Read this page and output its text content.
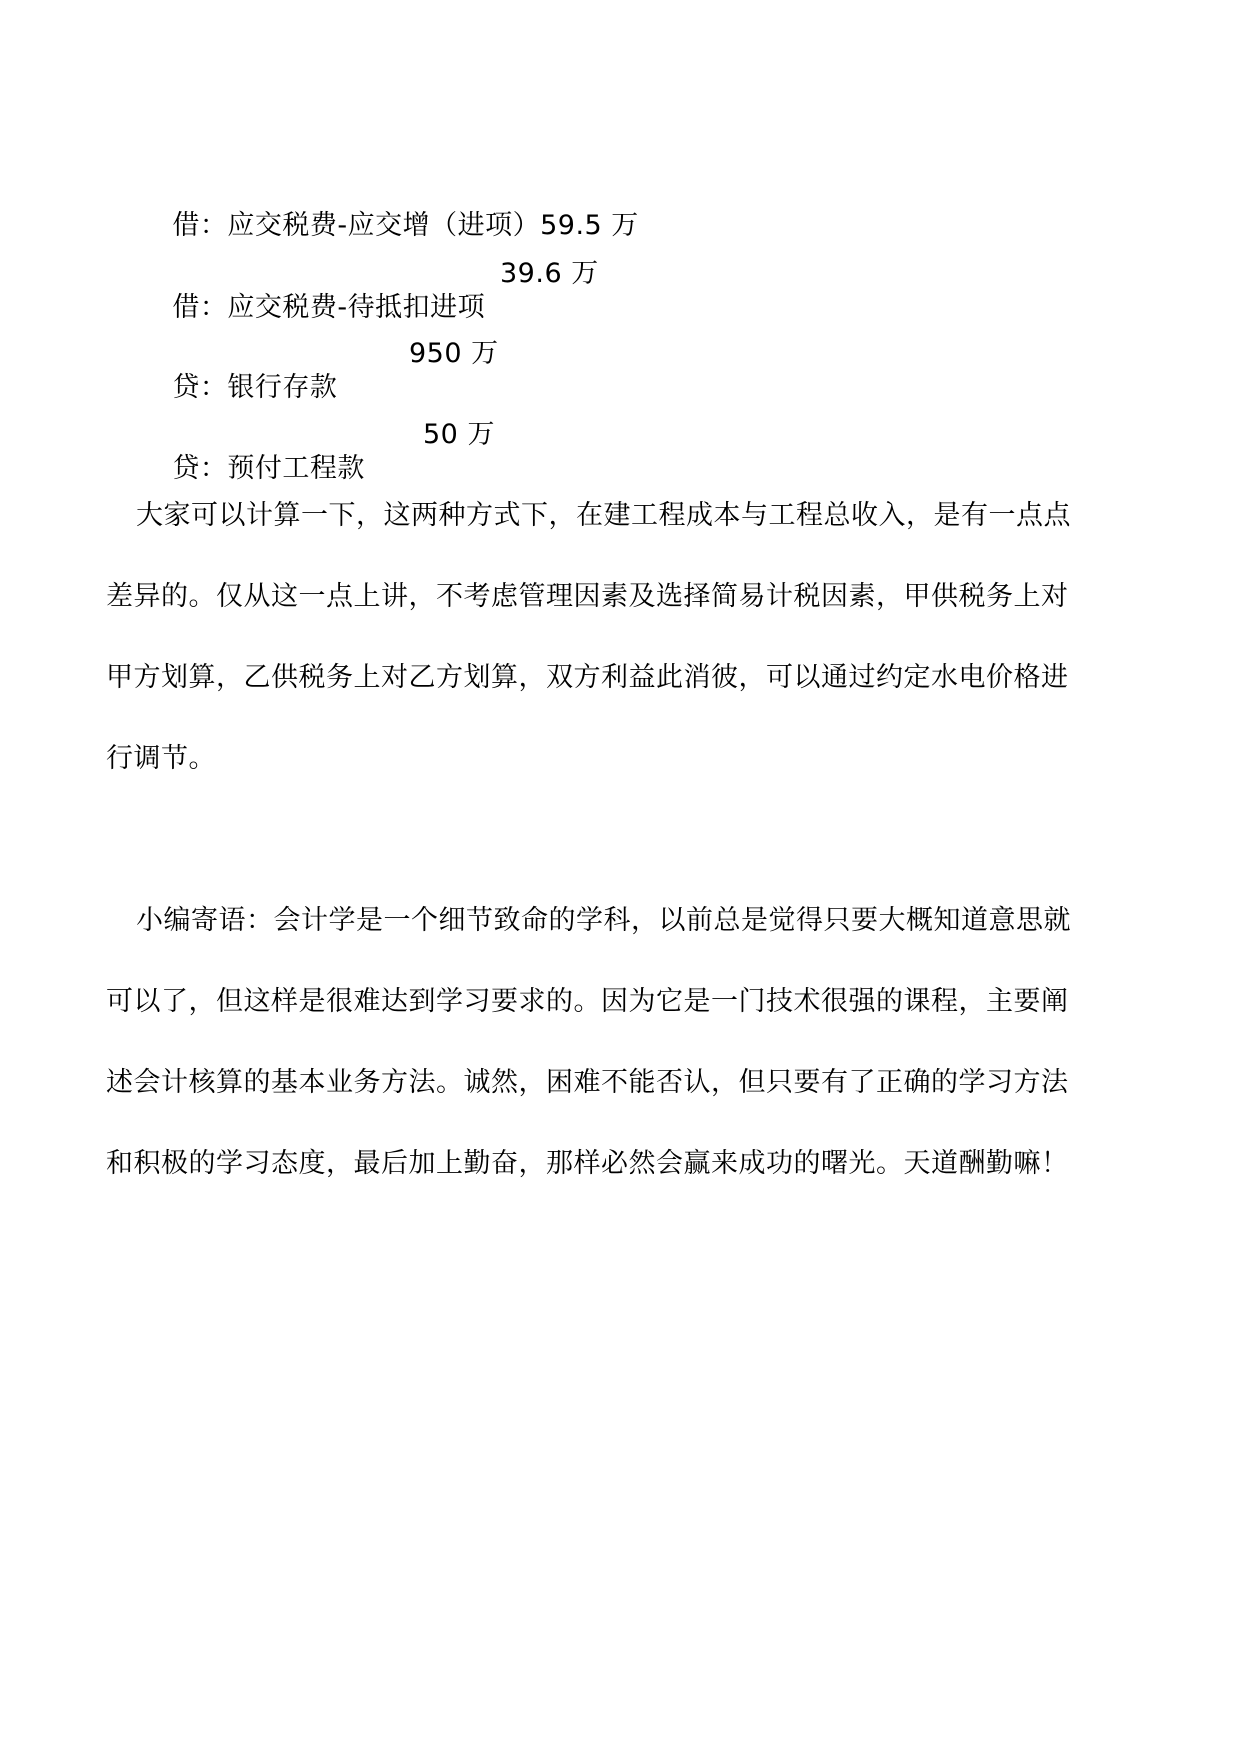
借：应交税费-应交增（进项）59.5 万

借：应交税费-待抵扣进项

39.6 万

贷：银行存款

950 万

贷：预付工程款

50 万

大家可以计算一下，这两种方式下，在建工程成本与工程总收入，是有一点点
差异的。仅从这一点上讲，不考虑管理因素及选择简易计税因素，甲供税务上对
甲方划算，乙供税务上对乙方划算，双方利益此消彼，可以通过约定水电价格进
行调节。
小编寄语：会计学是一个细节致命的学科，以前总是觉得只要大概知道意思就
可以了，但这样是很难达到学习要求的。因为它是一门技术很强的课程，主要阐
述会计核算的基本业务方法。诚然，困难不能否认，但只要有了正确的学习方法
和积极的学习态度，最后加上勤奋，那样必然会赢来成功的曙光。天道酬勤嘛！
